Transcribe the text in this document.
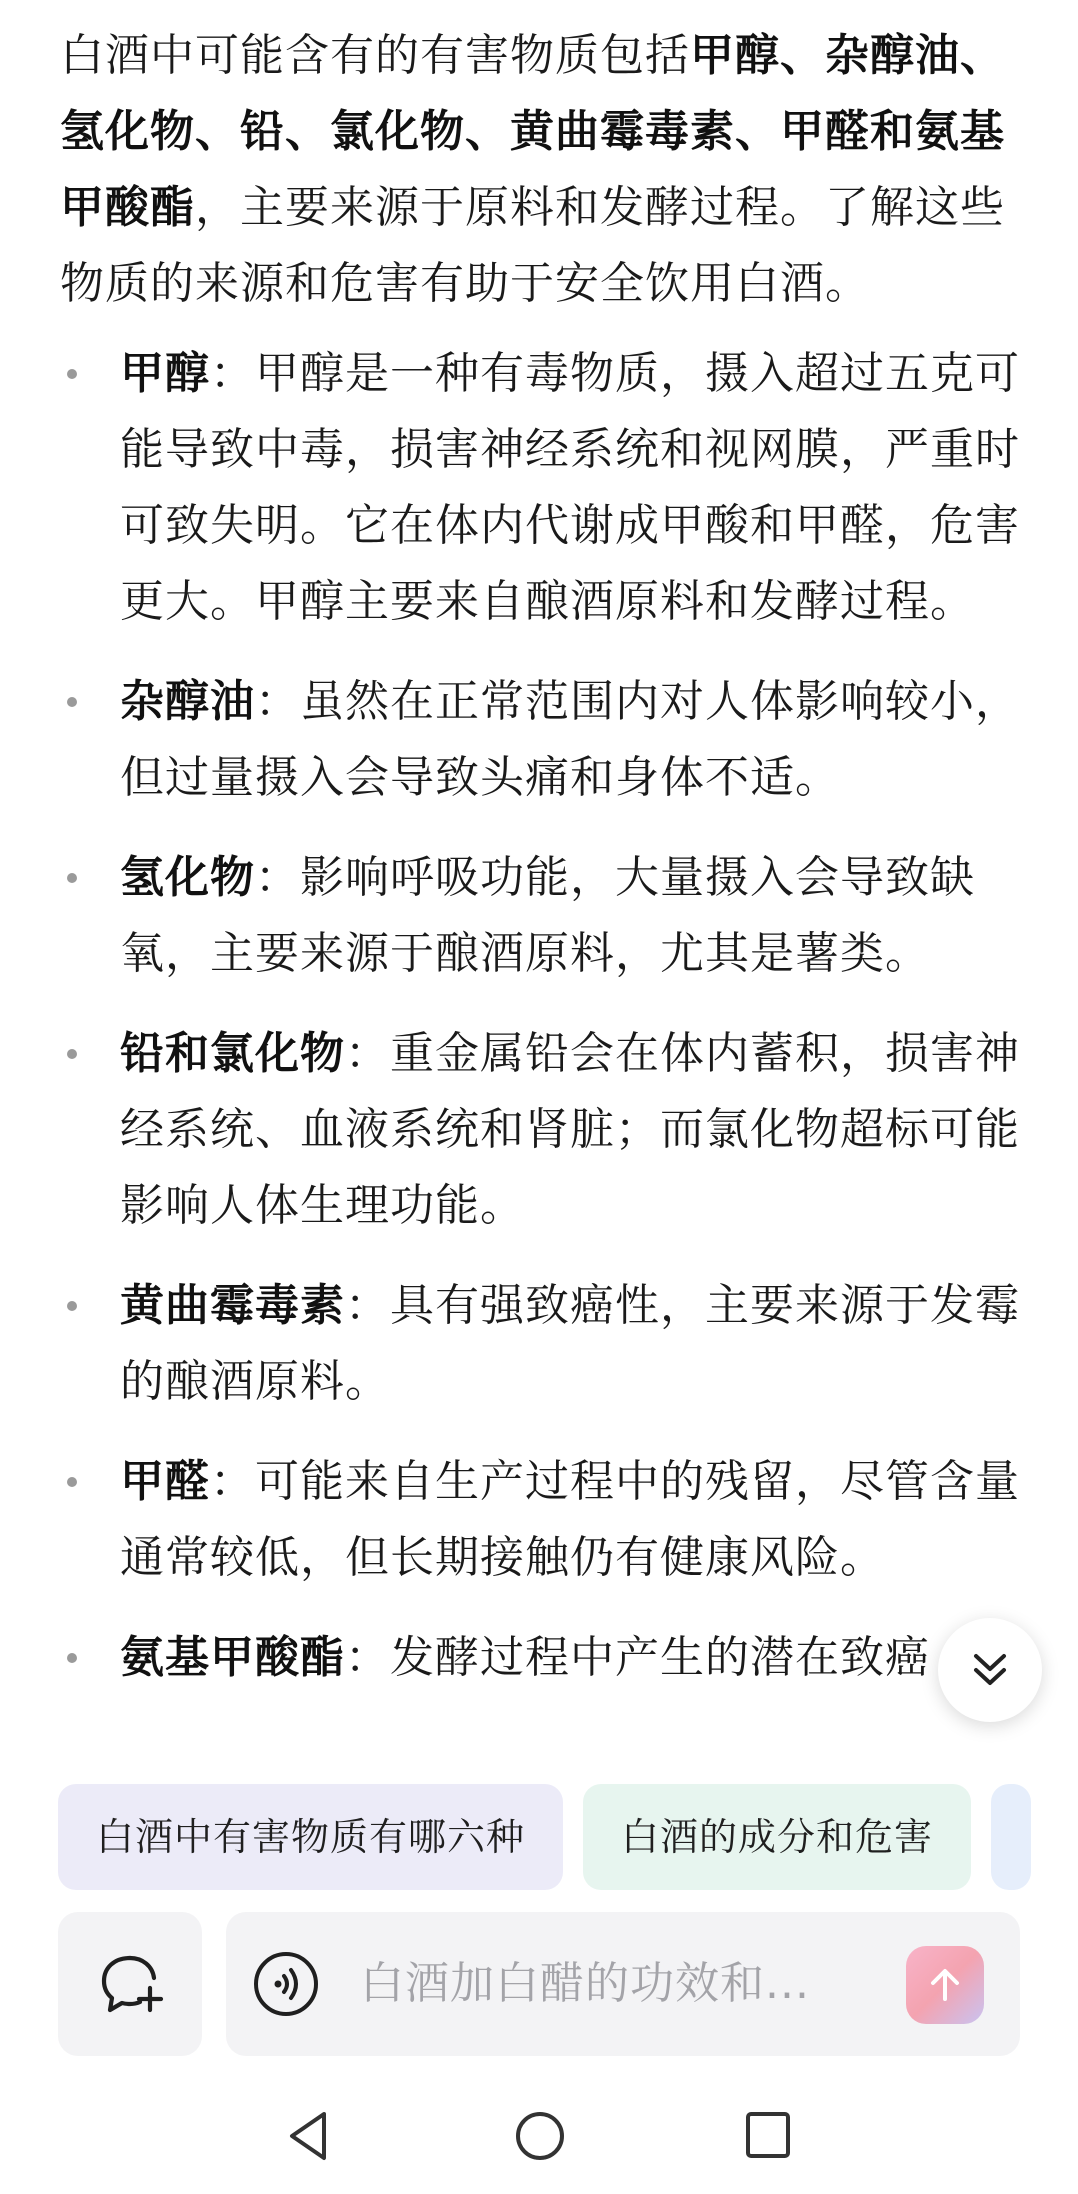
白酒中可能含有的有害物质包括甲醇、杂醇油、氢化物、铅、氯化物、黄曲霉毒素、甲醛和氨基甲酸酯，主要来源于原料和发酵过程。了解这些物质的来源和危害有助于安全饮用白酒。

甲醇：甲醇是一种有毒物质，摄入超过五克可能导致中毒，损害神经系统和视网膜，严重时可致失明。它在体内代谢成甲酸和甲醛，危害更大。甲醇主要来自酿酒原料和发酵过程。
杂醇油：虽然在正常范围内对人体影响较小，但过量摄入会导致头痛和身体不适。
氢化物：影响呼吸功能，大量摄入会导致缺氧，主要来源于酿酒原料，尤其是薯类。
铅和氯化物：重金属铅会在体内蓄积，损害神经系统、血液系统和肾脏；而氯化物超标可能影响人体生理功能。
黄曲霉毒素：具有强致癌性，主要来源于发霉的酿酒原料。
甲醛：可能来自生产过程中的残留，尽管含量通常较低，但长期接触仍有健康风险。
氨基甲酸酯：发酵过程中产生的潜在致癌
白酒中有害物质有哪六种	白酒的成分和危害
白酒加白醋的功效和...
